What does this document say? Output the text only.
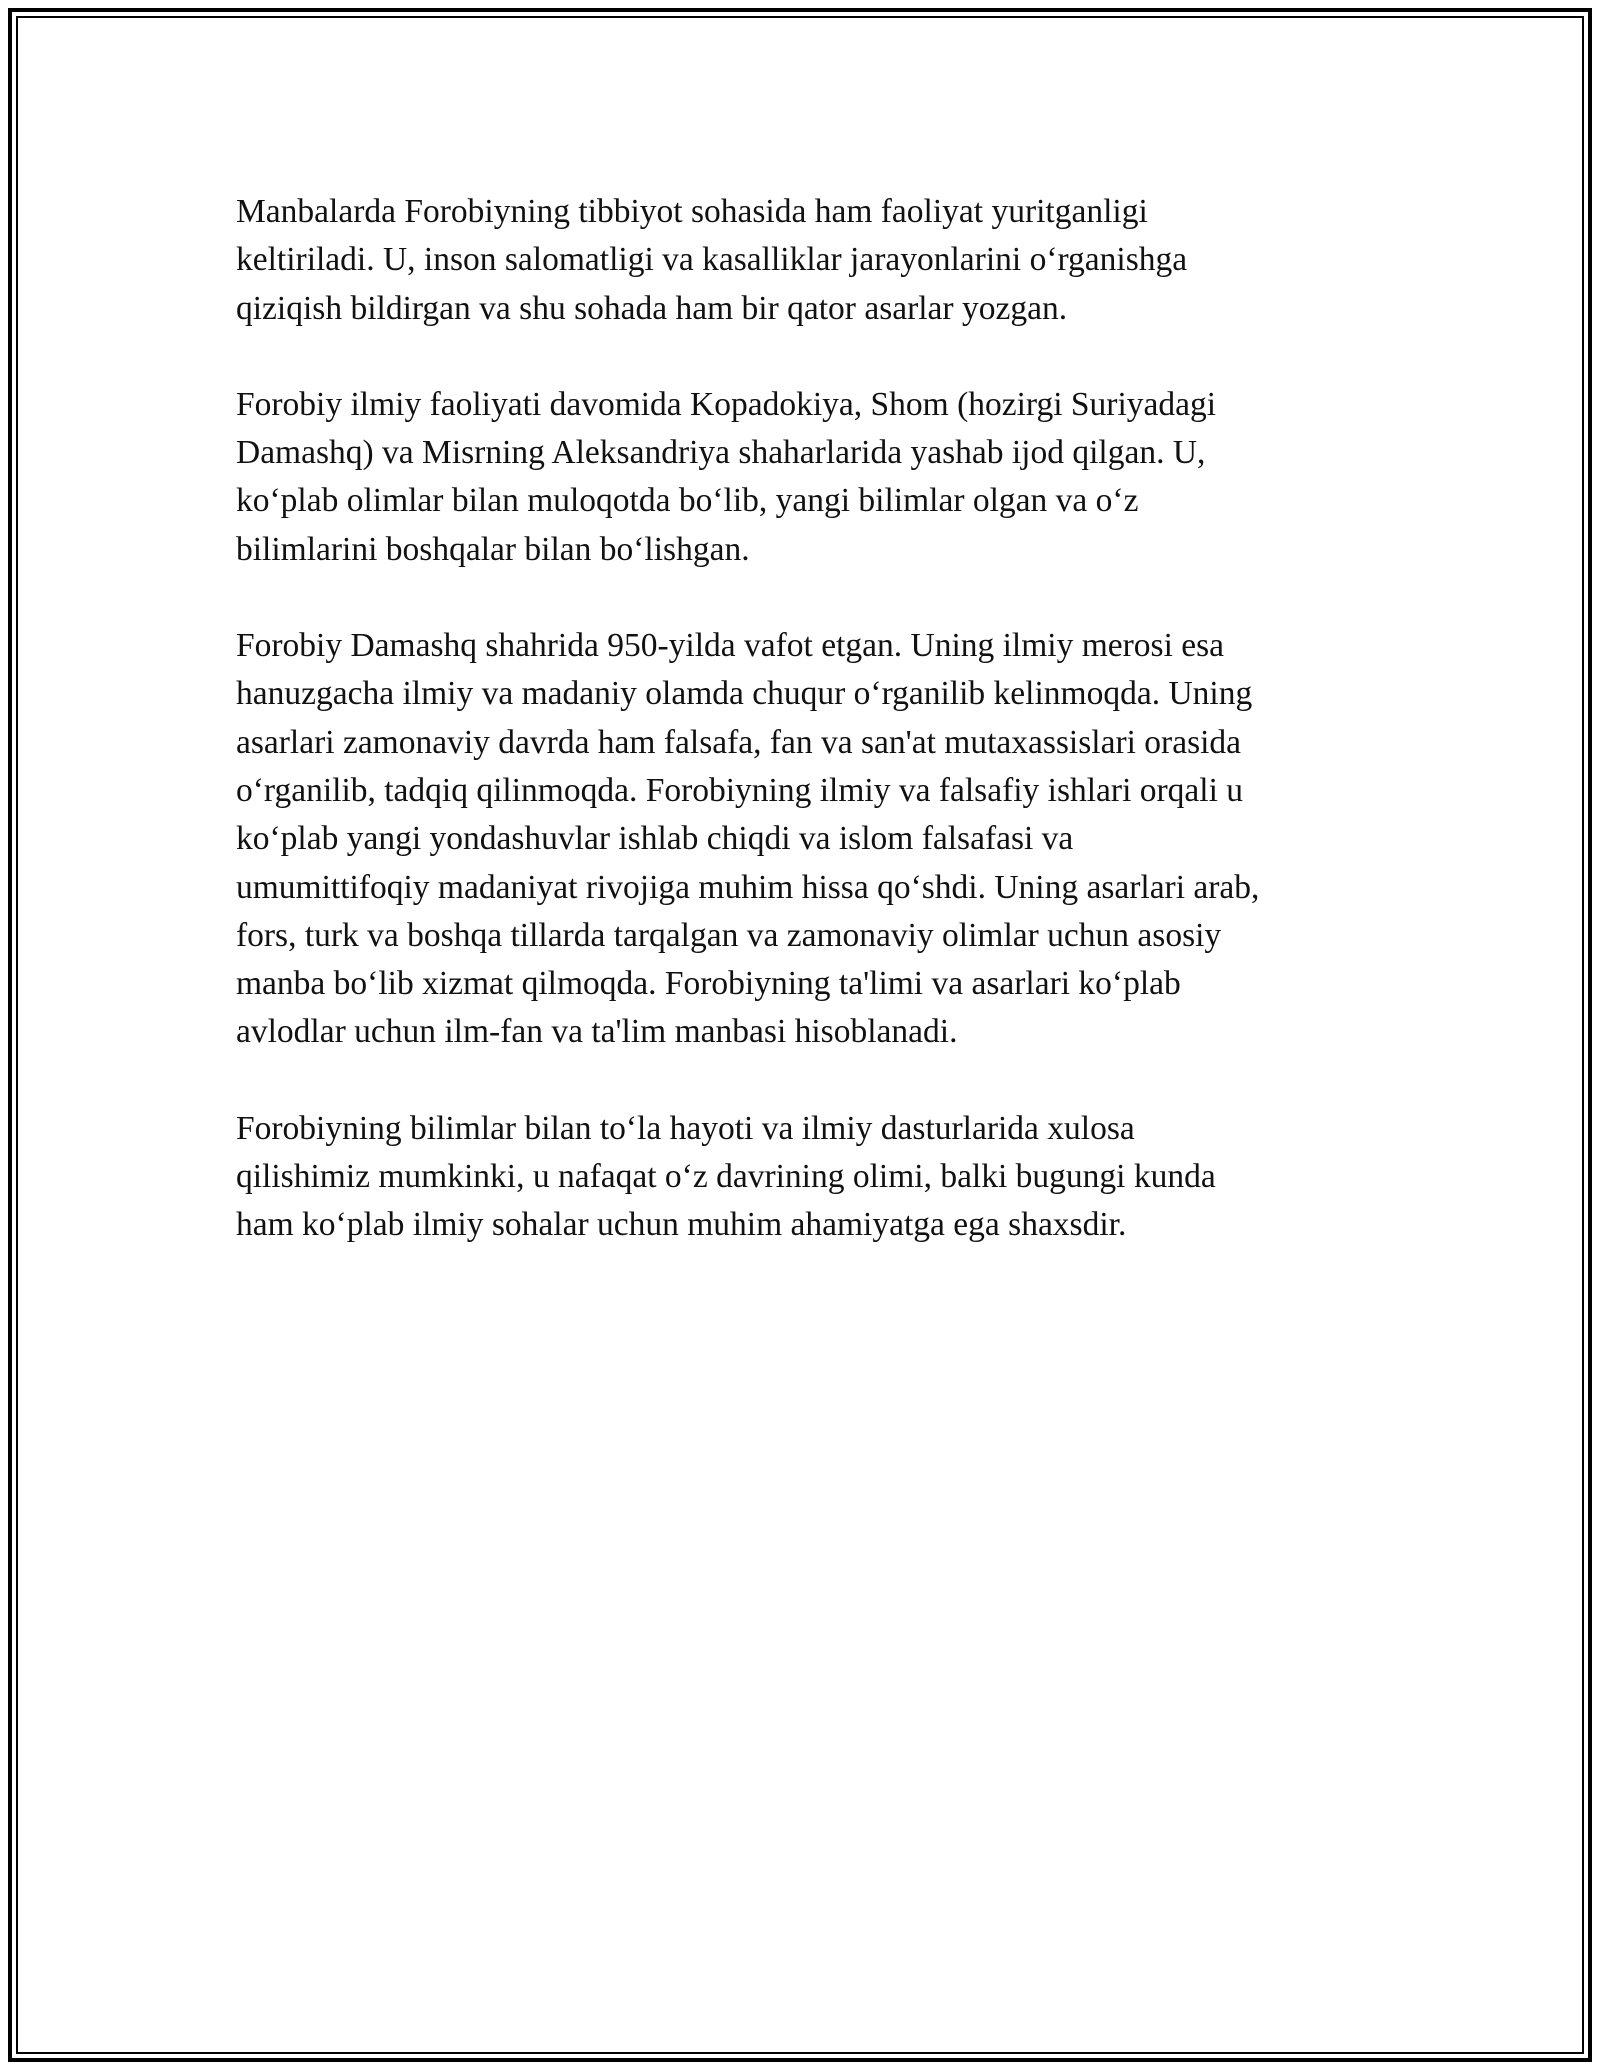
Manbalarda Forobiyning tibbiyot sohasida ham faoliyat yuritganligi
keltiriladi. U, inson salomatligi va kasalliklar jarayonlarini o‘rganishga
qiziqish bildirgan va shu sohada ham bir qator asarlar yozgan.

Forobiy ilmiy faoliyati davomida Kopadokiya, Shom (hozirgi Suriyadagi
Damashq) va Misrning Aleksandriya shaharlarida yashab ijod qilgan. U,
ko‘plab olimlar bilan muloqotda bo‘lib, yangi bilimlar olgan va o‘z
bilimlarini boshqalar bilan bo‘lishgan.

Forobiy Damashq shahrida 950-yilda vafot etgan. Uning ilmiy merosi esa
hanuzgacha ilmiy va madaniy olamda chuqur o‘rganilib kelinmoqda. Uning
asarlari zamonaviy davrda ham falsafa, fan va san'at mutaxassislari orasida
o‘rganilib, tadqiq qilinmoqda. Forobiyning ilmiy va falsafiy ishlari orqali u
ko‘plab yangi yondashuvlar ishlab chiqdi va islom falsafasi va
umumittifoqiy madaniyat rivojiga muhim hissa qo‘shdi. Uning asarlari arab,
fors, turk va boshqa tillarda tarqalgan va zamonaviy olimlar uchun asosiy
manba bo‘lib xizmat qilmoqda. Forobiyning ta'limi va asarlari ko‘plab
avlodlar uchun ilm-fan va ta'lim manbasi hisoblanadi.

Forobiyning bilimlar bilan to‘la hayoti va ilmiy dasturlarida xulosa
qilishimiz mumkinki, u nafaqat o‘z davrining olimi, balki bugungi kunda
ham ko‘plab ilmiy sohalar uchun muhim ahamiyatga ega shaxsdir.
